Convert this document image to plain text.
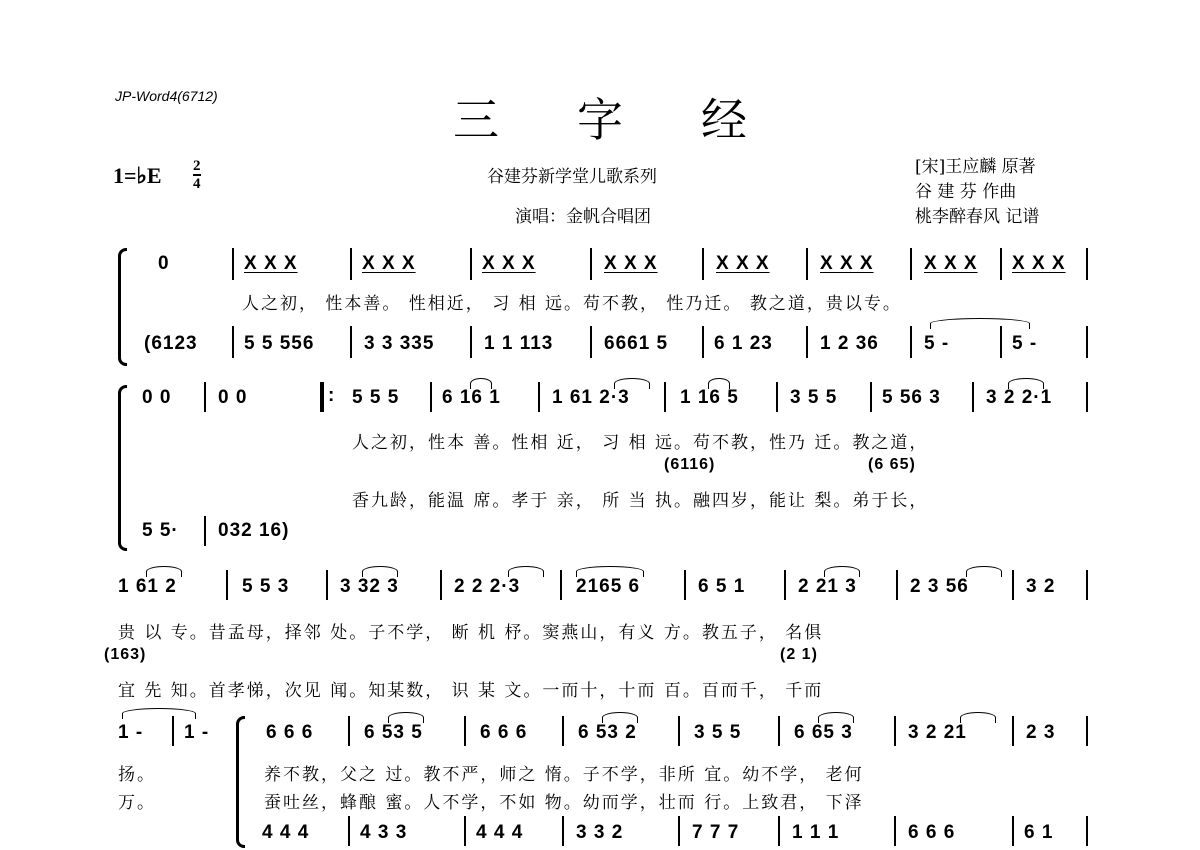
JP-Word4(6712)	三字经
1=♭E 2
4	谷建芬新学堂儿歌系列
演唱：金帆合唱团
[宋]王应麟 原著
谷 建 芬 作曲
桃李醉春风 记谱
0	X X X	X X X	X X X	X X X	X X X	X X X	X X X X X X
人之初， 性本善。 性相近， 习 相 远。苟不教， 性乃迁。 教之道，贵以专。
(6123 5 5 556	3 3 335	1 1 113	6661 5 6 1 23 1 2 36 5 -	5 -
0 0 0 0	: 5 5 5 6 16 1	1 61 2·3	1 16 5	3 5 5 5 56 3 3 2 2·1
人之初，性本 善。性相 近， 习 相 远。苟不教，性乃 迁。教之道，
(6116)	(6 65)
香九龄，能温 席。孝于 亲， 所 当 执。融四岁，能让 梨。弟于长，
5 5· 032 16)
1 61 2	5 5 3	3 32 3	2 2 2·3	2165 6	6 5 1	2 21 3	2 3 56	3 2
贵 以 专。昔孟母，择邻 处。子不学， 断 机 杼。窦燕山，有义 方。教五子， 名俱
(163)	(2 1)
宜 先 知。首孝悌，次见 闻。知某数， 识 某 文。一而十，十而 百。百而千， 千而
1 - 1 -
扬。
万。
6 6 6	6 53 5	6 6 6	6 53 2	3 5 5	6 65 3	3 2 21	2 3
养不教，父之 过。教不严，师之 惰。子不学，非所 宜。幼不学， 老何
蚕吐丝，蜂酿 蜜。人不学，不如 物。幼而学，壮而 行。上致君， 下泽
4 4 4	4 3 3	4 4 4	3 3 2	7 7 7	1 1 1	6 6 6	6 1
